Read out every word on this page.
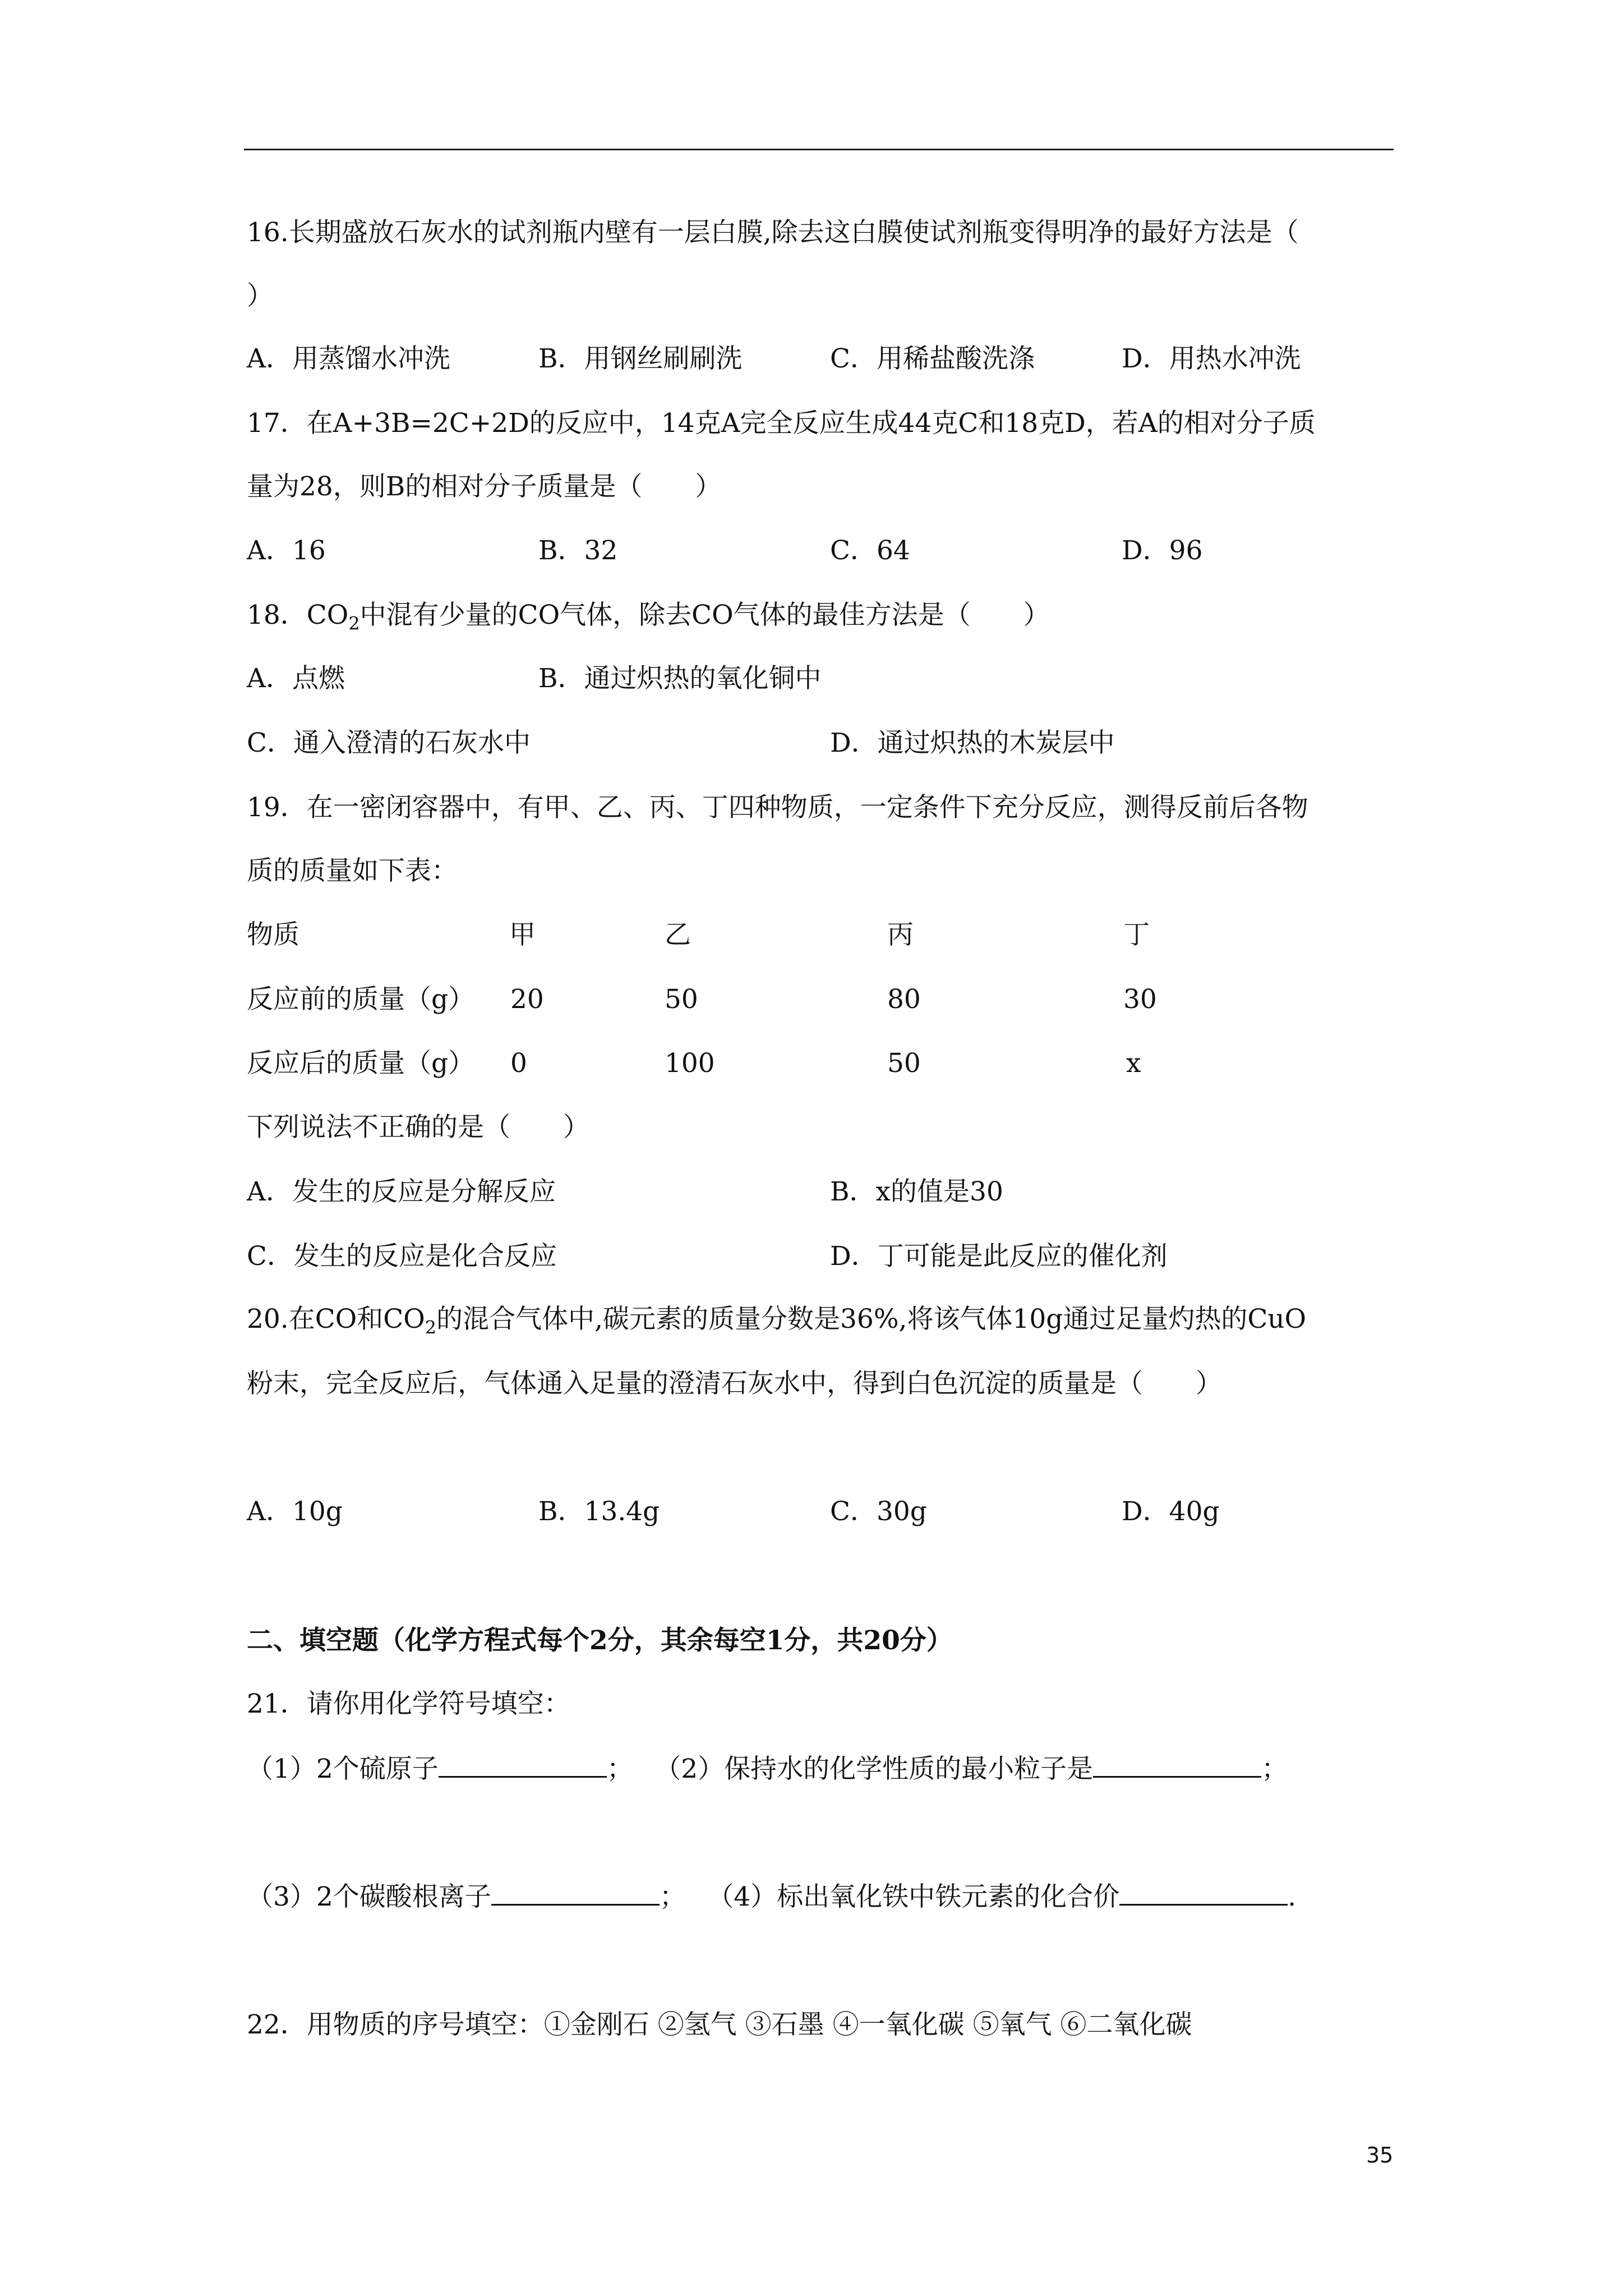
16.长期盛放石灰水的试剂瓶内壁有一层白膜,除去这白膜使试剂瓶变得明净的最好方法是（
）
A．用蒸馏水冲洗	B．用钢丝刷刷洗	C．用稀盐酸洗涤	D．用热水冲洗
17．在A+3B=2C+2D的反应中，14克A完全反应生成44克C和18克D，若A的相对分子质
量为28，则B的相对分子质量是（　　）
A．16	B．32	C．64	D．96
18．$CO_2$中混有少量的CO气体，除去CO气体的最佳方法是（　　）
A．点燃	B．通过炽热的氧化铜中
C．通入澄清的石灰水中	D．通过炽热的木炭层中
19．在一密闭容器中，有甲、乙、丙、丁四种物质，一定条件下充分反应，测得反前后各物
质的质量如下表：
物质	甲	乙	丙	丁
反应前的质量（g） 20	50	80	30
反应后的质量（g） 0	100	50	x
下列说法不正确的是（　　）
A．发生的反应是分解反应	B．x的值是30
C．发生的反应是化合反应	D．丁可能是此反应的催化剂
20.在CO和$CO_2$的混合气体中,碳元素的质量分数是36%,将该气体10g通过足量灼热的CuO
粉末，完全反应后，气体通入足量的澄清石灰水中，得到白色沉淀的质量是（　　）
A．10g	B．13.4g	C．30g	D．40g
二、填空题（化学方程式每个2分，其余每空1分，共20分）
21．请你用化学符号填空：
（1）2个硫原子	；　 （2）保持水的化学性质的最小粒子是	；
（3）2个碳酸根离子	；　 （4）标出氧化铁中铁元素的化合价	.
22．用物质的序号填空：①金刚石 ②氢气 ③石墨 ④一氧化碳 ⑤氧气 ⑥二氧化碳
35
